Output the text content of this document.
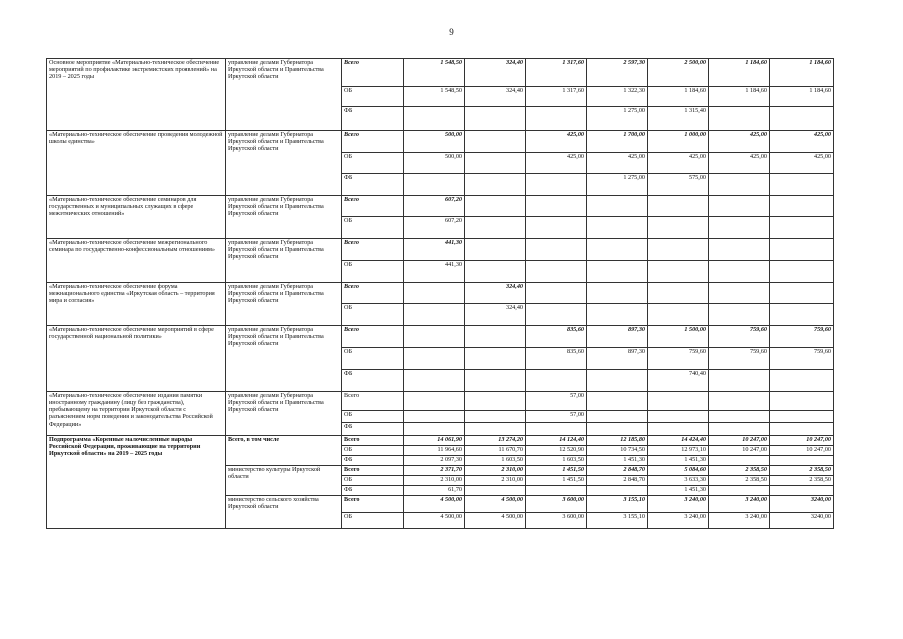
9
Основное мероприятие «Материально-техническое обеспечение мероприятий по профилактике экстремистских проявлений» на 2019 – 2025 годы	управление делами Губернатора Иркутской области и Правительства Иркутской области	Всего	1 548,50	324,40	1 317,60	2 597,30	2 500,00	1 184,60	1 184,60
		ОБ	1 548,50	324,40	1 317,60	1 322,30	1 184,60	1 184,60	1 184,60
		ФБ				1 275,00	1 315,40		
«Материально-техническое обеспечение проведения молодежной школы единства»	управление делами Губернатора Иркутской области и Правительства Иркутской области	Всего	500,00		425,00	1 700,00	1 000,00	425,00	425,00
		ОБ	500,00		425,00	425,00	425,00	425,00	425,00
		ФБ				1 275,00	575,00		
«Материально-техническое обеспечение семинаров для государственных и муниципальных служащих в сфере межэтнических отношений»	управление делами Губернатора Иркутской области и Правительства Иркутской области	Всего	607,20						
		ОБ	607,20						
«Материально-техническое обеспечение межрегионального семинара по государственно-конфессиональным отношениям»	управление делами Губернатора Иркутской области и Правительства Иркутской области	Всего	441,30						
		ОБ	441,30						
«Материально-техническое обеспечение форума межнационального единства «Иркутская область – территория мира и согласия»	управление делами Губернатора Иркутской области и Правительства Иркутской области	Всего		324,40					
		ОБ		324,40					
«Материально-техническое обеспечение мероприятий в сфере государственной национальной политики»	управление делами Губернатора Иркутской области и Правительства Иркутской области	Всего			835,60	897,30	1 500,00	759,60	759,60
		ОБ			835,60	897,30	759,60	759,60	759,60
		ФБ					740,40		
«Материально-техническое обеспечение издания памятки иностранному гражданину (лицу без гражданства), пребывающему на территории Иркутской области с разъяснением норм поведения и законодательства Российской Федерации»	управление делами Губернатора Иркутской области и Правительства Иркутской области	Всего			57,00				
		ОБ			57,00				
		ФБ							
Подпрограмма «Коренные малочисленные народы Российской Федерации, проживающие на территории Иркутской области» на 2019 – 2025 годы	Всего, в том числе	Всего	14 061,90	13 274,20	14 124,40	12 185,80	14 424,40	10 247,00	10 247,00
		ОБ	11 964,60	11 670,70	12 520,90	10 734,50	12 973,10	10 247,00	10 247,00
		ФБ	2 097,30	1 603,50	1 603,50	1 451,30	1 451,30		
	министерство культуры Иркутской области	Всего	2 371,70	2 310,00	1 451,50	2 848,70	5 084,60	2 358,50	2 358,50
		ОБ	2 310,00	2 310,00	1 451,50	2 848,70	3 633,30	2 358,50	2 358,50
		ФБ	61,70				1 451,30		
	министерство сельского хозяйства Иркутской области	Всего	4 500,00	4 500,00	3 600,00	3 155,10	3 240,00	3 240,00	3240,00
		ОБ	4 500,00	4 500,00	3 600,00	3 155,10	3 240,00	3 240,00	3240,00
